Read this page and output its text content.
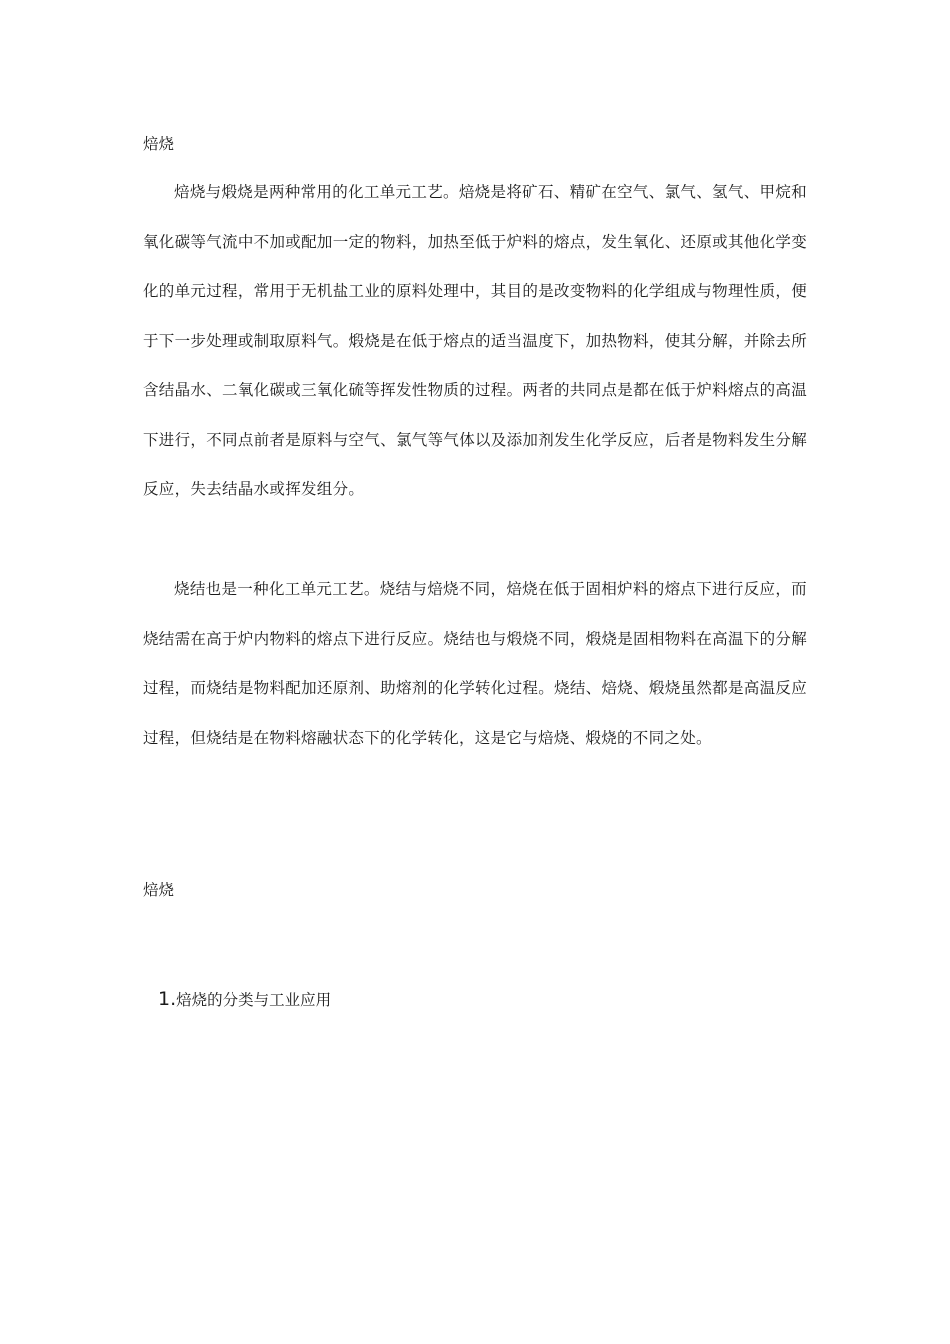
焙烧

焙烧与煅烧是两种常用的化工单元工艺。焙烧是将矿石、精矿在空气、氯气、氢气、甲烷和氧化碳等气流中不加或配加一定的物料，加热至低于炉料的熔点，发生氧化、还原或其他化学变化的单元过程，常用于无机盐工业的原料处理中，其目的是改变物料的化学组成与物理性质，便于下一步处理或制取原料气。煅烧是在低于熔点的适当温度下，加热物料，使其分解，并除去所含结晶水、二氧化碳或三氧化硫等挥发性物质的过程。两者的共同点是都在低于炉料熔点的高温下进行，不同点前者是原料与空气、氯气等气体以及添加剂发生化学反应，后者是物料发生分解反应，失去结晶水或挥发组分。

烧结也是一种化工单元工艺。烧结与焙烧不同，焙烧在低于固相炉料的熔点下进行反应，而烧结需在高于炉内物料的熔点下进行反应。烧结也与煅烧不同，煅烧是固相物料在高温下的分解过程，而烧结是物料配加还原剂、助熔剂的化学转化过程。烧结、焙烧、煅烧虽然都是高温反应过程，但烧结是在物料熔融状态下的化学转化，这是它与焙烧、煅烧的不同之处。

焙烧

1.焙烧的分类与工业应用
